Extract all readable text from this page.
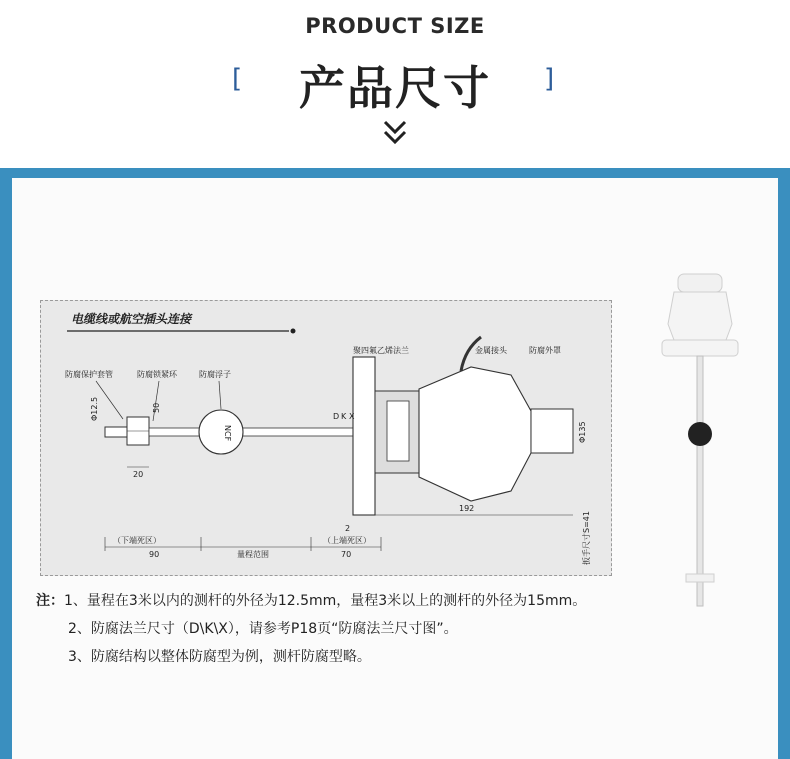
PRODUCT SIZE
[	产品尺寸	]
电缆线或航空插头连接
防腐保护套管	防腐锁紧环	防腐浮子
NCF
Φ12.5	50
20
聚四氟乙烯法兰	金属接头	防腐外罩
D K X
Φ135
扳手尺寸S=41
192
2
（下端死区）
90	量程范围
（上端死区）
70
注：1、量程在3米以内的测杆的外径为12.5mm，量程3米以上的测杆的外径为15mm。
2、防腐法兰尺寸（D\K\X），请参考P18页“防腐法兰尺寸图”。
3、防腐结构以整体防腐型为例，测杆防腐型略。
